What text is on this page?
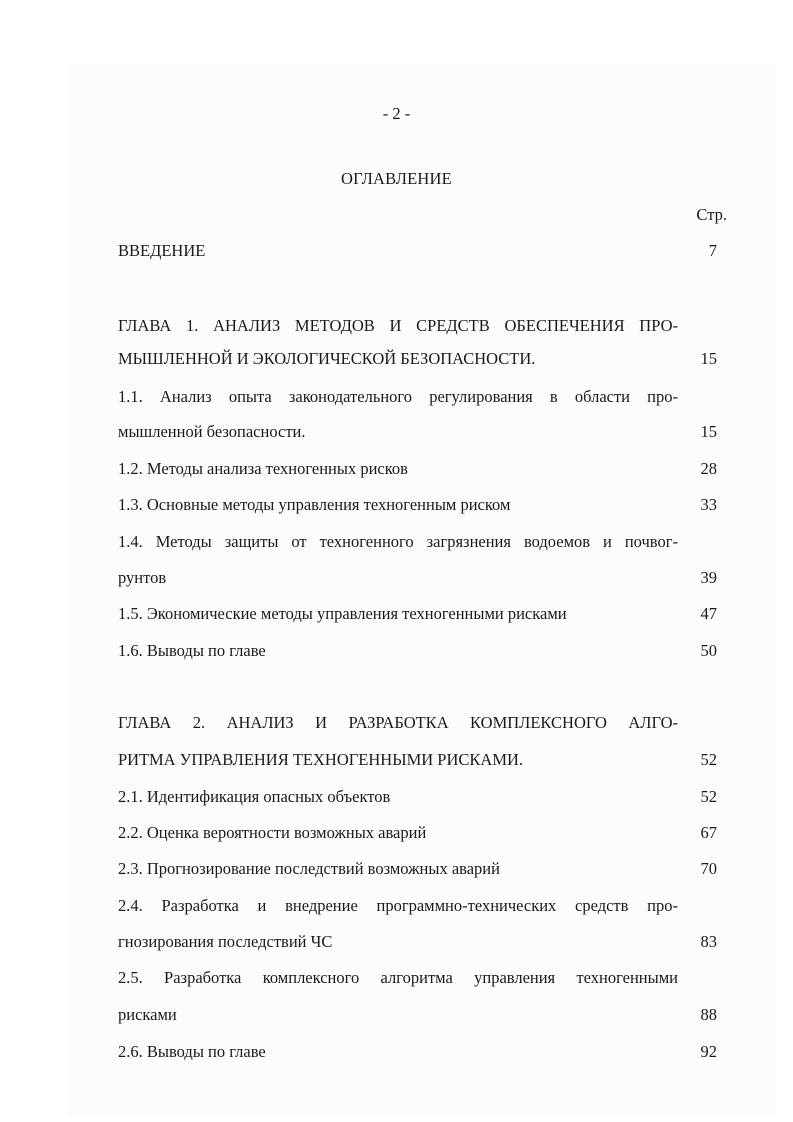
- 2 -
ОГЛАВЛЕНИЕ
Стр.
ВВЕДЕНИЕ	7
ГЛАВА 1. АНАЛИЗ МЕТОДОВ И СРЕДСТВ ОБЕСПЕЧЕНИЯ ПРО-
МЫШЛЕННОЙ И ЭКОЛОГИЧЕСКОЙ БЕЗОПАСНОСТИ.	15
1.1. Анализ опыта законодательного регулирования в области про-
мышленной безопасности.	15
1.2. Методы анализа техногенных рисков	28
1.3. Основные методы управления техногенным риском	33
1.4. Методы защиты от техногенного загрязнения водоемов и почвог-
рунтов	39
1.5. Экономические методы управления техногенными рисками	47
1.6. Выводы по главе	50
ГЛАВА 2. АНАЛИЗ И РАЗРАБОТКА КОМПЛЕКСНОГО АЛГО-
РИТМА УПРАВЛЕНИЯ ТЕХНОГЕННЫМИ РИСКАМИ.	52
2.1. Идентификация опасных объектов	52
2.2. Оценка вероятности возможных аварий	67
2.3. Прогнозирование последствий возможных аварий	70
2.4. Разработка и внедрение программно-технических средств про-
гнозирования последствий ЧС	83
2.5. Разработка комплексного алгоритма управления техногенными
рисками	88
2.6. Выводы по главе	92
